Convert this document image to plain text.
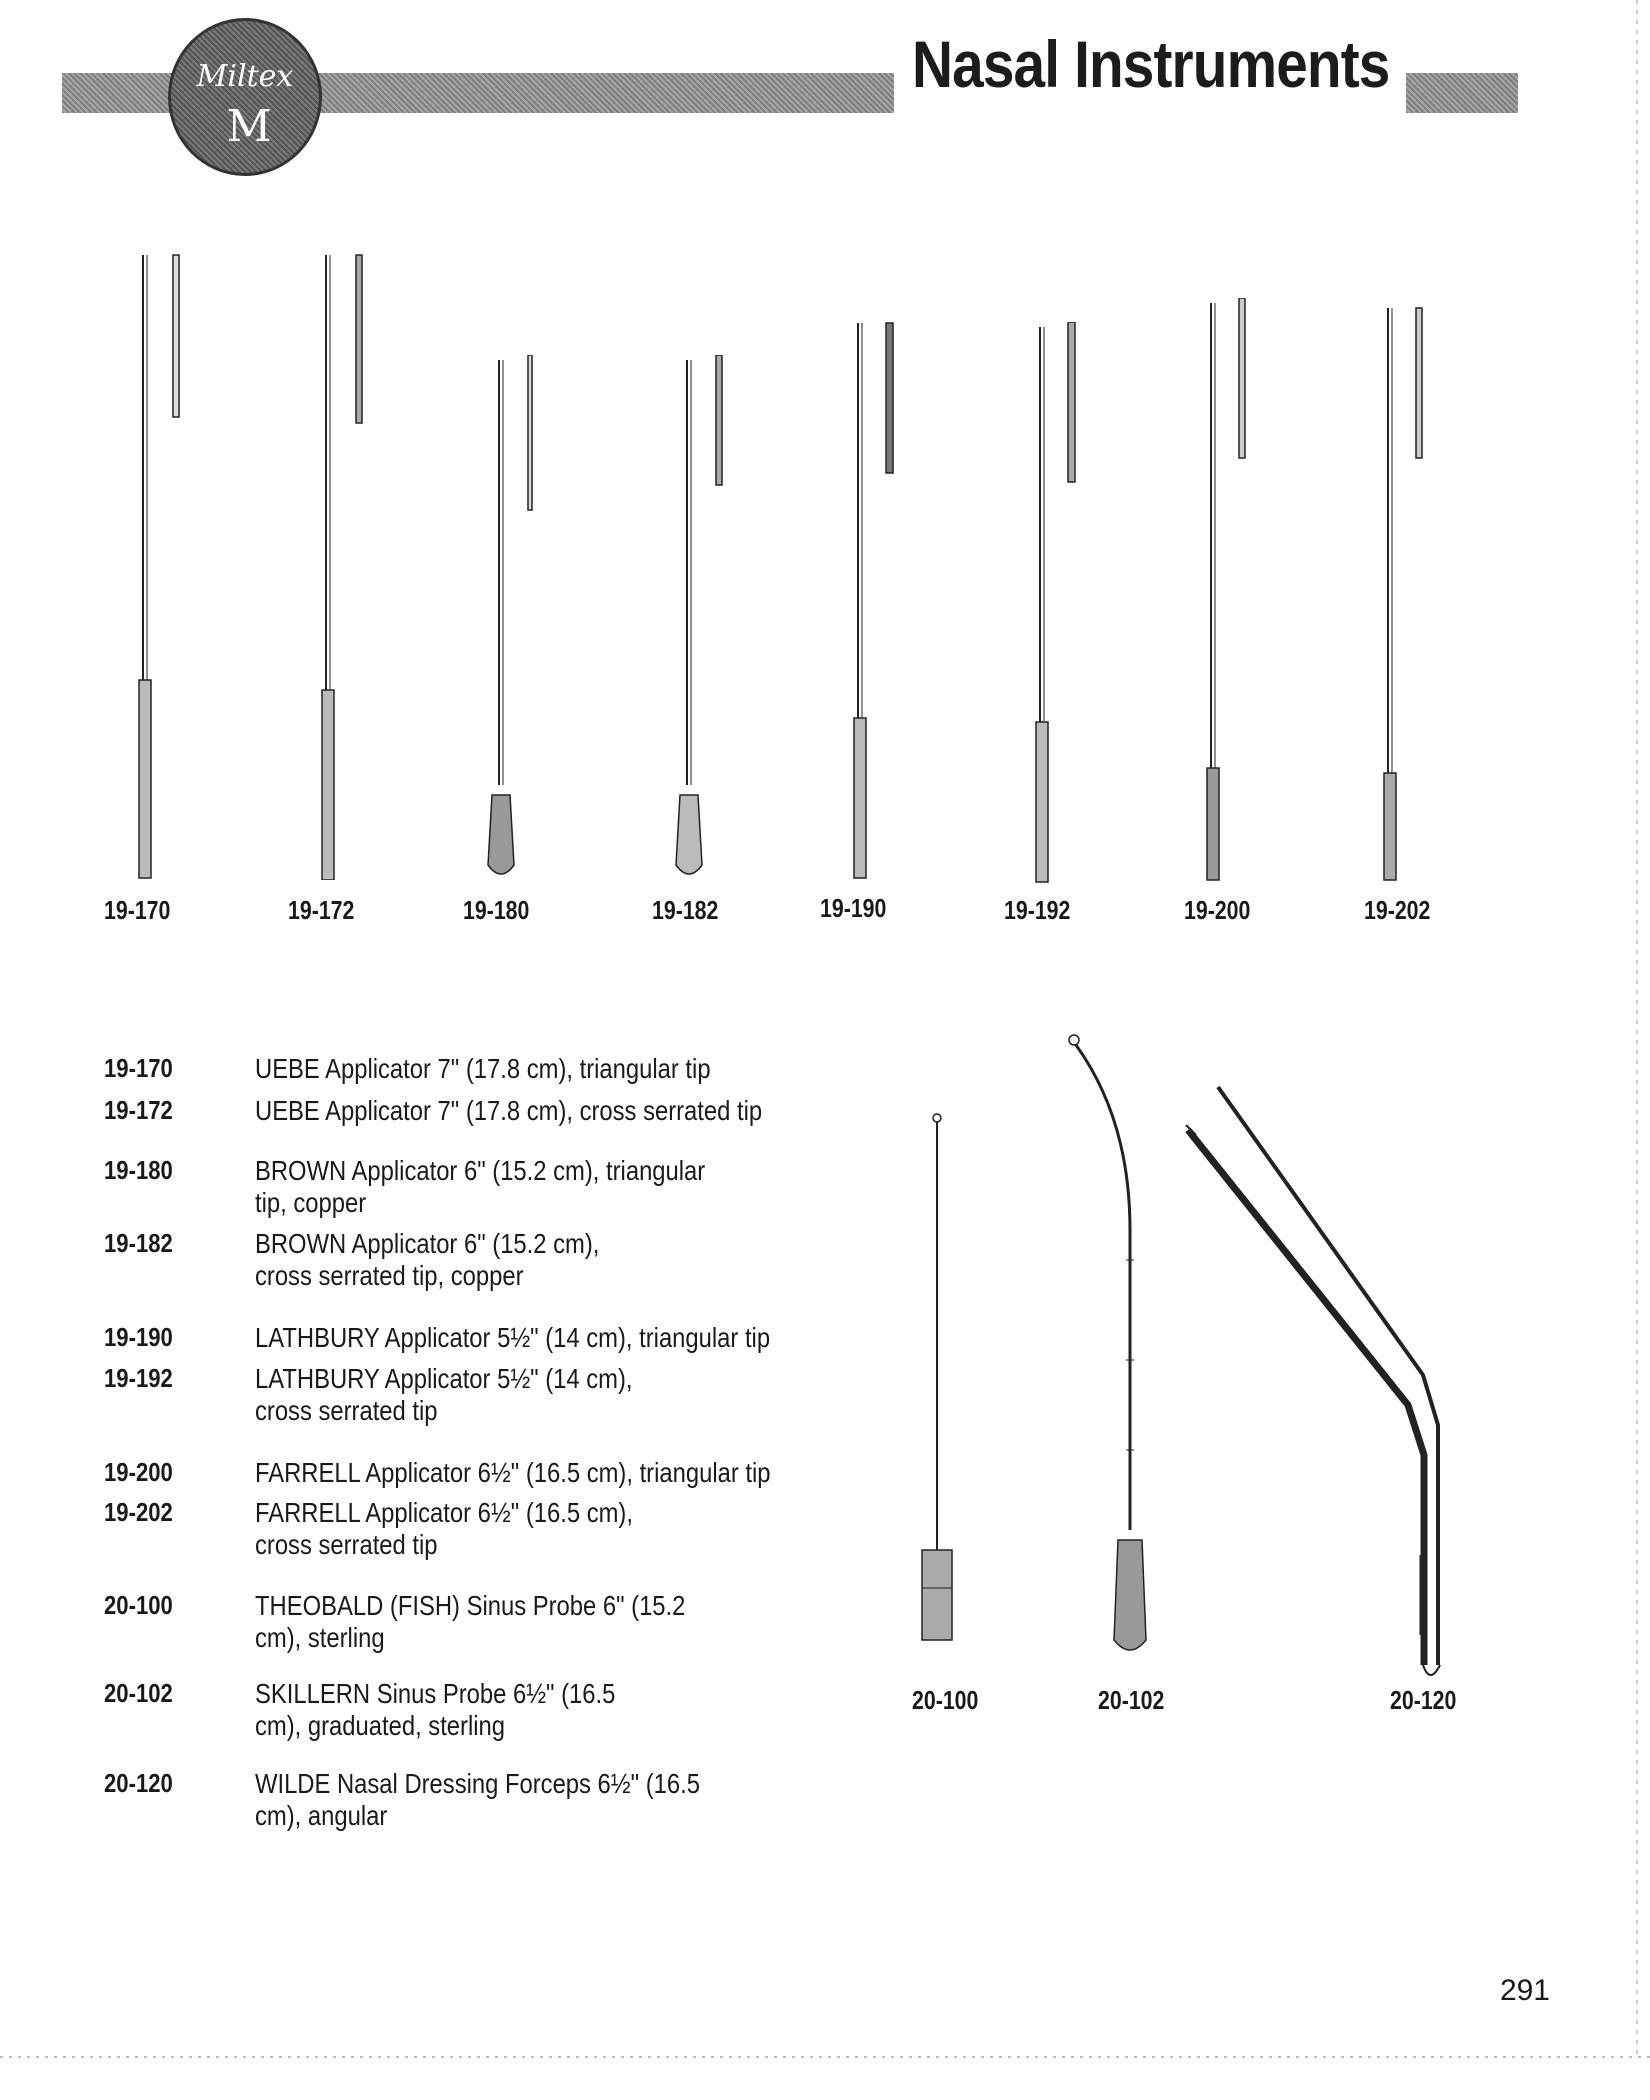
Miltex
M
Nasal Instruments
19-170	19-172	19-180	19-182	19-190	19-192	19-200	19-202
19-170	UEBE Applicator 7" (17.8 cm), triangular tip
19-172	UEBE Applicator 7" (17.8 cm), cross serrated tip
19-180	BROWN Applicator 6" (15.2 cm), triangular tip, copper
19-182	BROWN Applicator 6" (15.2 cm), cross serrated tip, copper
19-190	LATHBURY Applicator 5½" (14 cm), triangular tip
19-192	LATHBURY Applicator 5½" (14 cm), cross serrated tip
19-200	FARRELL Applicator 6½" (16.5 cm), triangular tip
19-202	FARRELL Applicator 6½" (16.5 cm), cross serrated tip
20-100	THEOBALD (FISH) Sinus Probe 6" (15.2 cm), sterling
20-102	SKILLERN Sinus Probe 6½" (16.5 cm), graduated, sterling
20-120	WILDE Nasal Dressing Forceps 6½" (16.5 cm), angular
20-100	20-102	20-120
291
